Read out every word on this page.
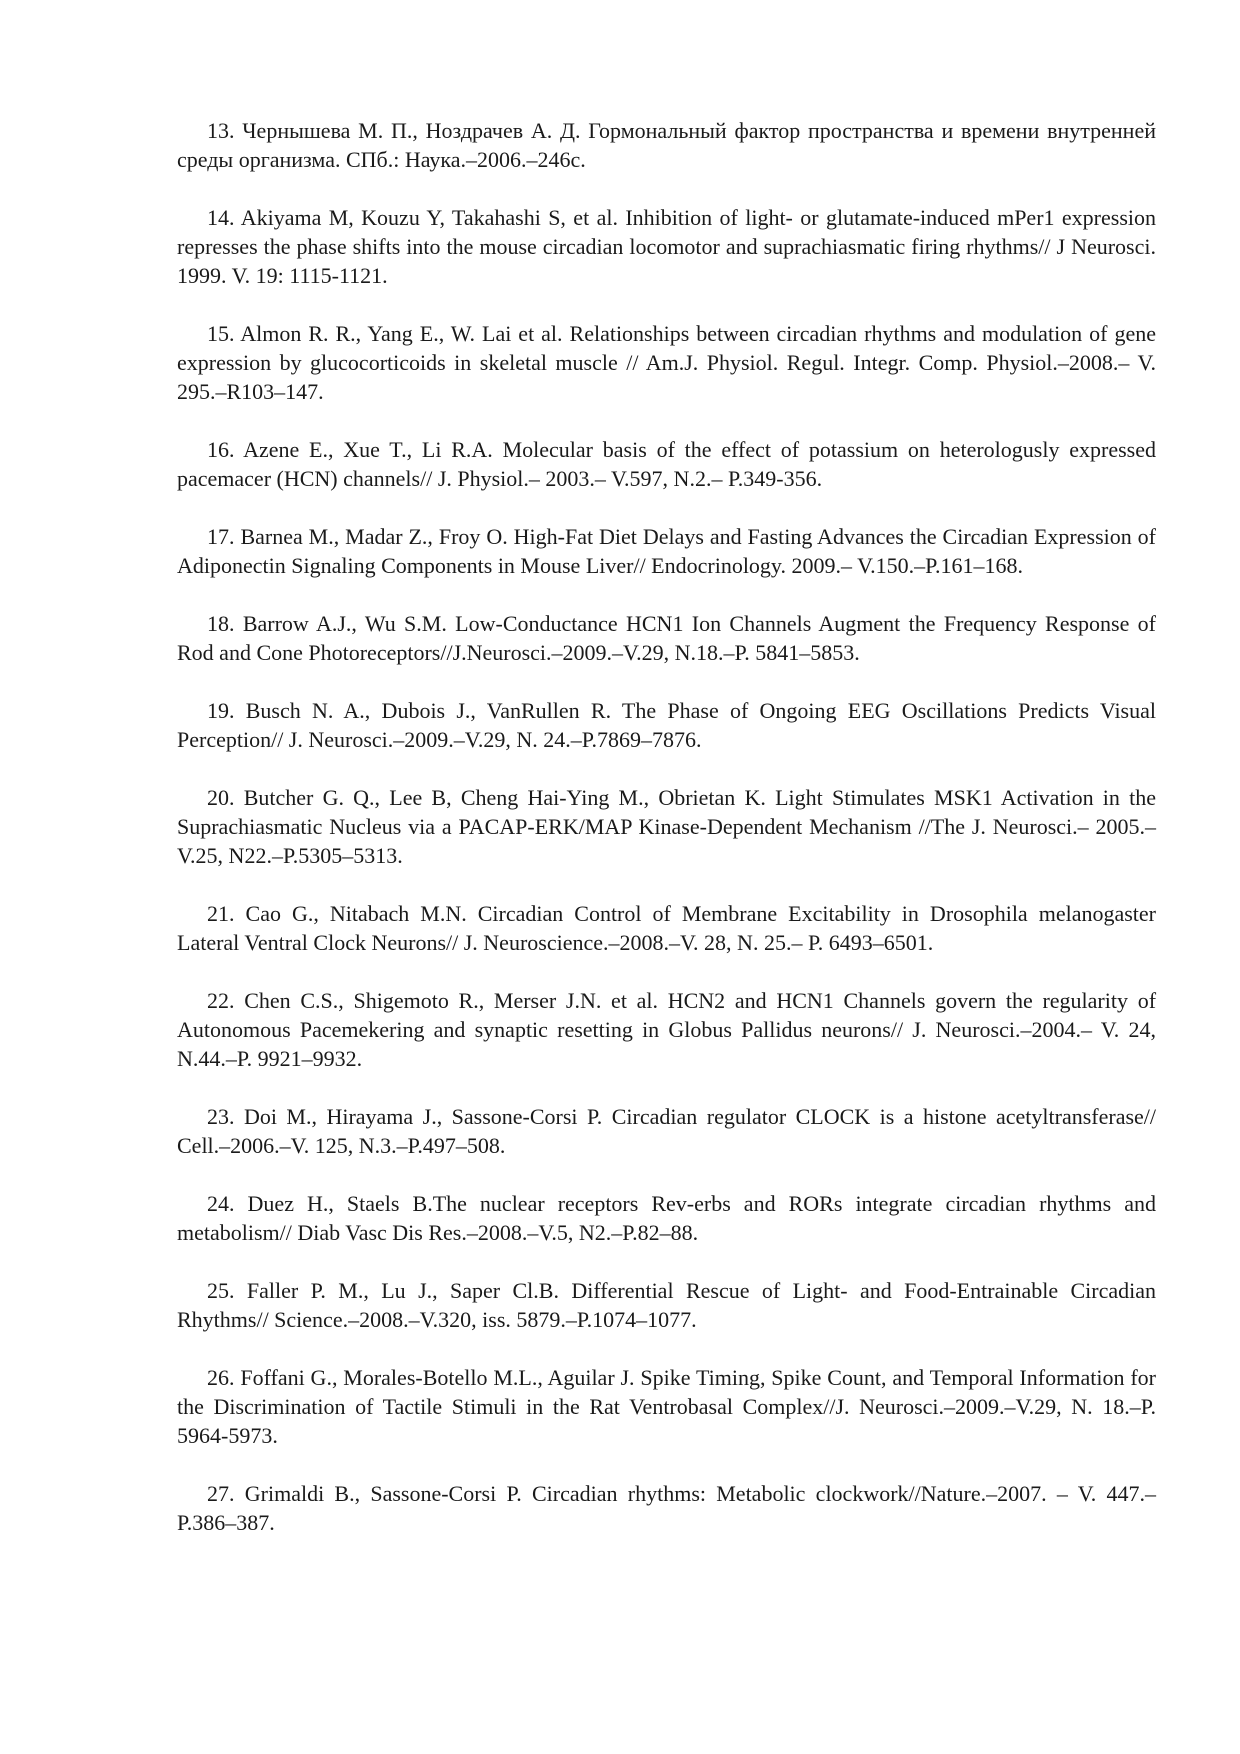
13. Чернышева М. П., Ноздрачев А. Д. Гормональный фактор пространства и времени внутренней среды организма. СПб.: Наука.–2006.–246с.

14. Akiyama M, Kouzu Y, Takahashi S, et al. Inhibition of light- or glutamate-induced mPer1 expression represses the phase shifts into the mouse circadian locomotor and suprachiasmatic firing rhythms// J Neurosci. 1999. V. 19: 1115-1121.

15. Almon R. R., Yang E., W. Lai et al. Relationships between circadian rhythms and modulation of gene expression by glucocorticoids in skeletal muscle // Am.J. Physiol. Regul. Integr. Comp. Physiol.–2008.– V. 295.–R103–147.

16. Azene E., Xue T., Li R.A. Molecular basis of the effect of potassium on heterologusly expressed pacemacer (HCN) channels// J. Physiol.– 2003.– V.597, N.2.– P.349-356.

17. Barnea M., Madar Z., Froy O. High-Fat Diet Delays and Fasting Advances the Circadian Expression of Adiponectin Signaling Components in Mouse Liver// Endocrinology. 2009.– V.150.–P.161–168.

18. Barrow A.J., Wu S.M. Low-Conductance HCN1 Ion Channels Augment the Frequency Response of Rod and Cone Photoreceptors//J.Neurosci.–2009.–V.29, N.18.–P. 5841–5853.

19. Busch N. A., Dubois J., VanRullen R. The Phase of Ongoing EEG Oscillations Predicts Visual Perception// J. Neurosci.–2009.–V.29, N. 24.–P.7869–7876.

20. Butcher G. Q., Lee B, Cheng Hai-Ying M., Obrietan K. Light Stimulates MSK1 Activation in the Suprachiasmatic Nucleus via a PACAP-ERK/MAP Kinase-Dependent Mechanism //The J. Neurosci.– 2005.–V.25, N22.–P.5305–5313.

21. Cao G., Nitabach M.N. Circadian Control of Membrane Excitability in Drosophila melanogaster Lateral Ventral Clock Neurons// J. Neuroscience.–2008.–V. 28, N. 25.– P. 6493–6501.

22. Chen C.S., Shigemoto R., Merser J.N. et al. HCN2 and HCN1 Channels govern the regularity of Autonomous Pacemekering and synaptic resetting in Globus Pallidus neurons// J. Neurosci.–2004.– V. 24, N.44.–P. 9921–9932.

23. Doi M., Hirayama J., Sassone-Corsi P. Circadian regulator CLOCK is a histone acetyltransferase// Cell.–2006.–V. 125, N.3.–P.497–508.

24. Duez H., Staels B.The nuclear receptors Rev-erbs and RORs integrate circadian rhythms and metabolism// Diab Vasc Dis Res.–2008.–V.5, N2.–P.82–88.

25. Faller P. M., Lu J., Saper Cl.B. Differential Rescue of Light- and Food-Entrainable Circadian Rhythms// Science.–2008.–V.320, iss. 5879.–P.1074–1077.

26. Foffani G., Morales-Botello M.L., Aguilar J. Spike Timing, Spike Count, and Temporal Information for the Discrimination of Tactile Stimuli in the Rat Ventrobasal Complex//J. Neurosci.–2009.–V.29, N. 18.–P. 5964-5973.

27. Grimaldi B., Sassone-Corsi P. Circadian rhythms: Metabolic clockwork//Nature.–2007. – V. 447.–P.386–387.
